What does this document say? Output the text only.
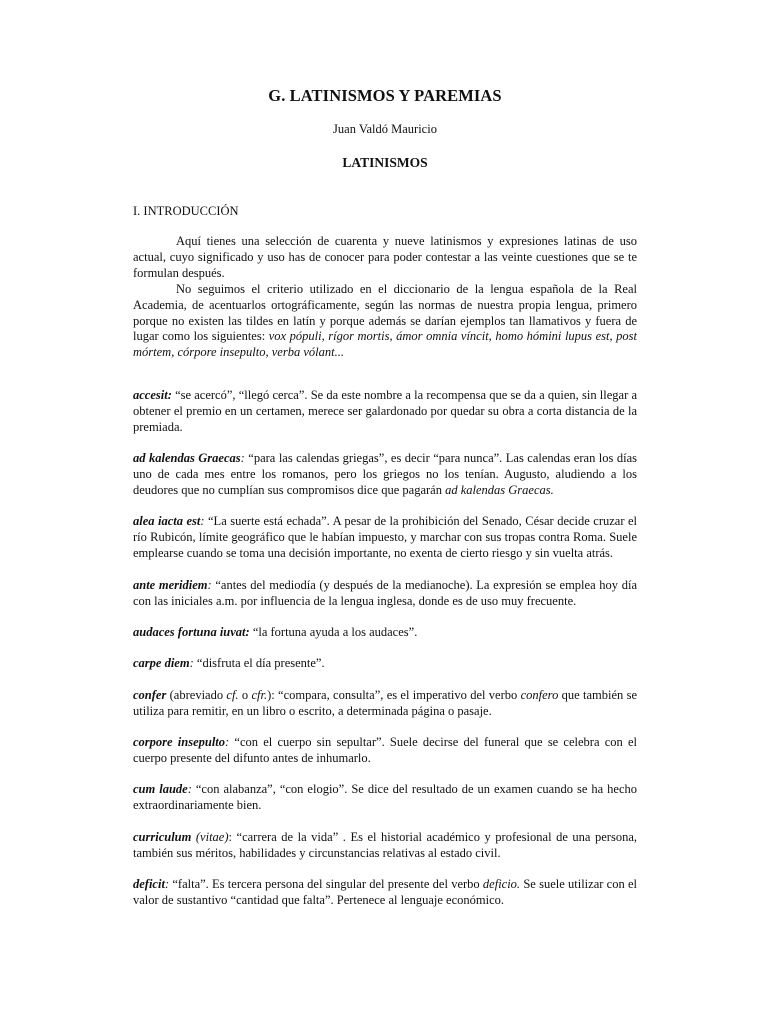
G. LATINISMOS Y PAREMIAS
Juan Valdó Mauricio
LATINISMOS
I. INTRODUCCIÓN

Aquí tienes una selección de cuarenta y nueve latinismos y expresiones latinas de uso actual, cuyo significado y uso has de conocer para poder contestar a las veinte cuestiones que se te formulan después.

No seguimos el criterio utilizado en el diccionario de la lengua española de la Real Academia, de acentuarlos ortográficamente, según las normas de nuestra propia lengua, primero porque no existen las tildes en latín y porque además se darían ejemplos tan llamativos y fuera de lugar como los siguientes: vox pópuli, rígor mortis, ámor omnia víncit, homo hómini lupus est, post mórtem, córpore insepulto, verba vólant...

accesit: “se acercó”, “llegó cerca”. Se da este nombre a la recompensa que se da a quien, sin llegar a obtener el premio en un certamen, merece ser galardonado por quedar su obra a corta distancia de la premiada.

ad kalendas Graecas: “para las calendas griegas”, es decir “para nunca”. Las calendas eran los días uno de cada mes entre los romanos, pero los griegos no los tenían. Augusto, aludiendo a los deudores que no cumplían sus compromisos dice que pagarán ad kalendas Graecas.

alea iacta est: “La suerte está echada”. A pesar de la prohibición del Senado, César decide cruzar el río Rubicón, límite geográfico que le habían impuesto, y marchar con sus tropas contra Roma. Suele emplearse cuando se toma una decisión importante, no exenta de cierto riesgo y sin vuelta atrás.

ante meridiem: “antes del mediodía (y después de la medianoche). La expresión se emplea hoy día con las iniciales a.m. por influencia de la lengua inglesa, donde es de uso muy frecuente.

audaces fortuna iuvat: “la fortuna ayuda a los audaces”.

carpe diem: “disfruta el día presente”.

confer (abreviado cf. o cfr.): “compara, consulta”, es el imperativo del verbo confero que también se utiliza para remitir, en un libro o escrito, a determinada página o pasaje.

corpore insepulto: “con el cuerpo sin sepultar”. Suele decirse del funeral que se celebra con el cuerpo presente del difunto antes de inhumarlo.

cum laude: “con alabanza”, “con elogio”. Se dice del resultado de un examen cuando se ha hecho extraordinariamente bien.

curriculum (vitae): “carrera de la vida” . Es el historial académico y profesional de una persona, también sus méritos, habilidades y circunstancias relativas al estado civil.

deficit: “falta”. Es tercera persona del singular del presente del verbo deficio. Se suele utilizar con el valor de sustantivo “cantidad que falta”. Pertenece al lenguaje económico.
